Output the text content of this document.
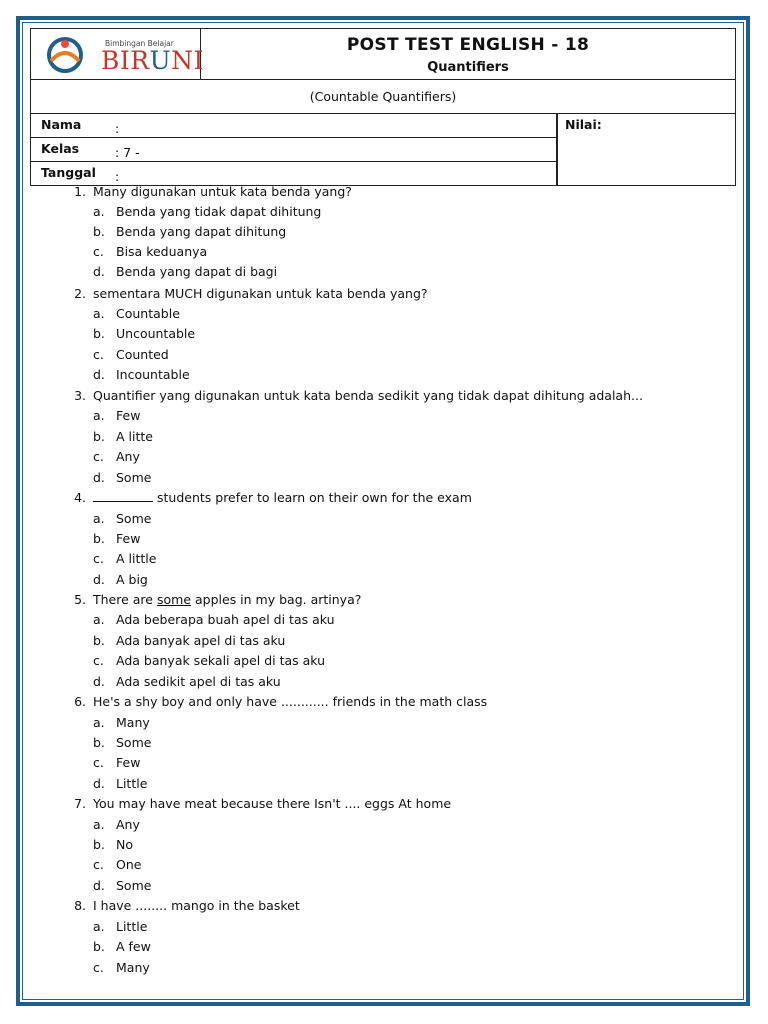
Bimbingan Belajar
BIRUNI
POST TEST ENGLISH - 18
Quantifiers
(Countable Quantifiers)
Nama	:
Kelas	: 7 -
Tanggal :
Nilai:
1. Many digunakan untuk kata benda yang?
a. Benda yang tidak dapat dihitung
b. Benda yang dapat dihitung
c. Bisa keduanya
d. Benda yang dapat di bagi
2. sementara MUCH digunakan untuk kata benda yang?
a. Countable
b. Uncountable
c. Counted
d. Incountable
3. Quantifier yang digunakan untuk kata benda sedikit yang tidak dapat dihitung adalah...
a. Few
b. A litte
c. Any
d. Some
4.	students prefer to learn on their own for the exam
a. Some
b. Few
c. A little
d. A big
5. There are some apples in my bag. artinya?
a. Ada beberapa buah apel di tas aku
b. Ada banyak apel di tas aku
c. Ada banyak sekali apel di tas aku
d. Ada sedikit apel di tas aku
6. He's a shy boy and only have ............ friends in the math class
a. Many
b. Some
c. Few
d. Little
7. You may have meat because there Isn't .... eggs At home
a. Any
b. No
c. One
d. Some
8. I have ........ mango in the basket
a. Little
b. A few
c. Many
